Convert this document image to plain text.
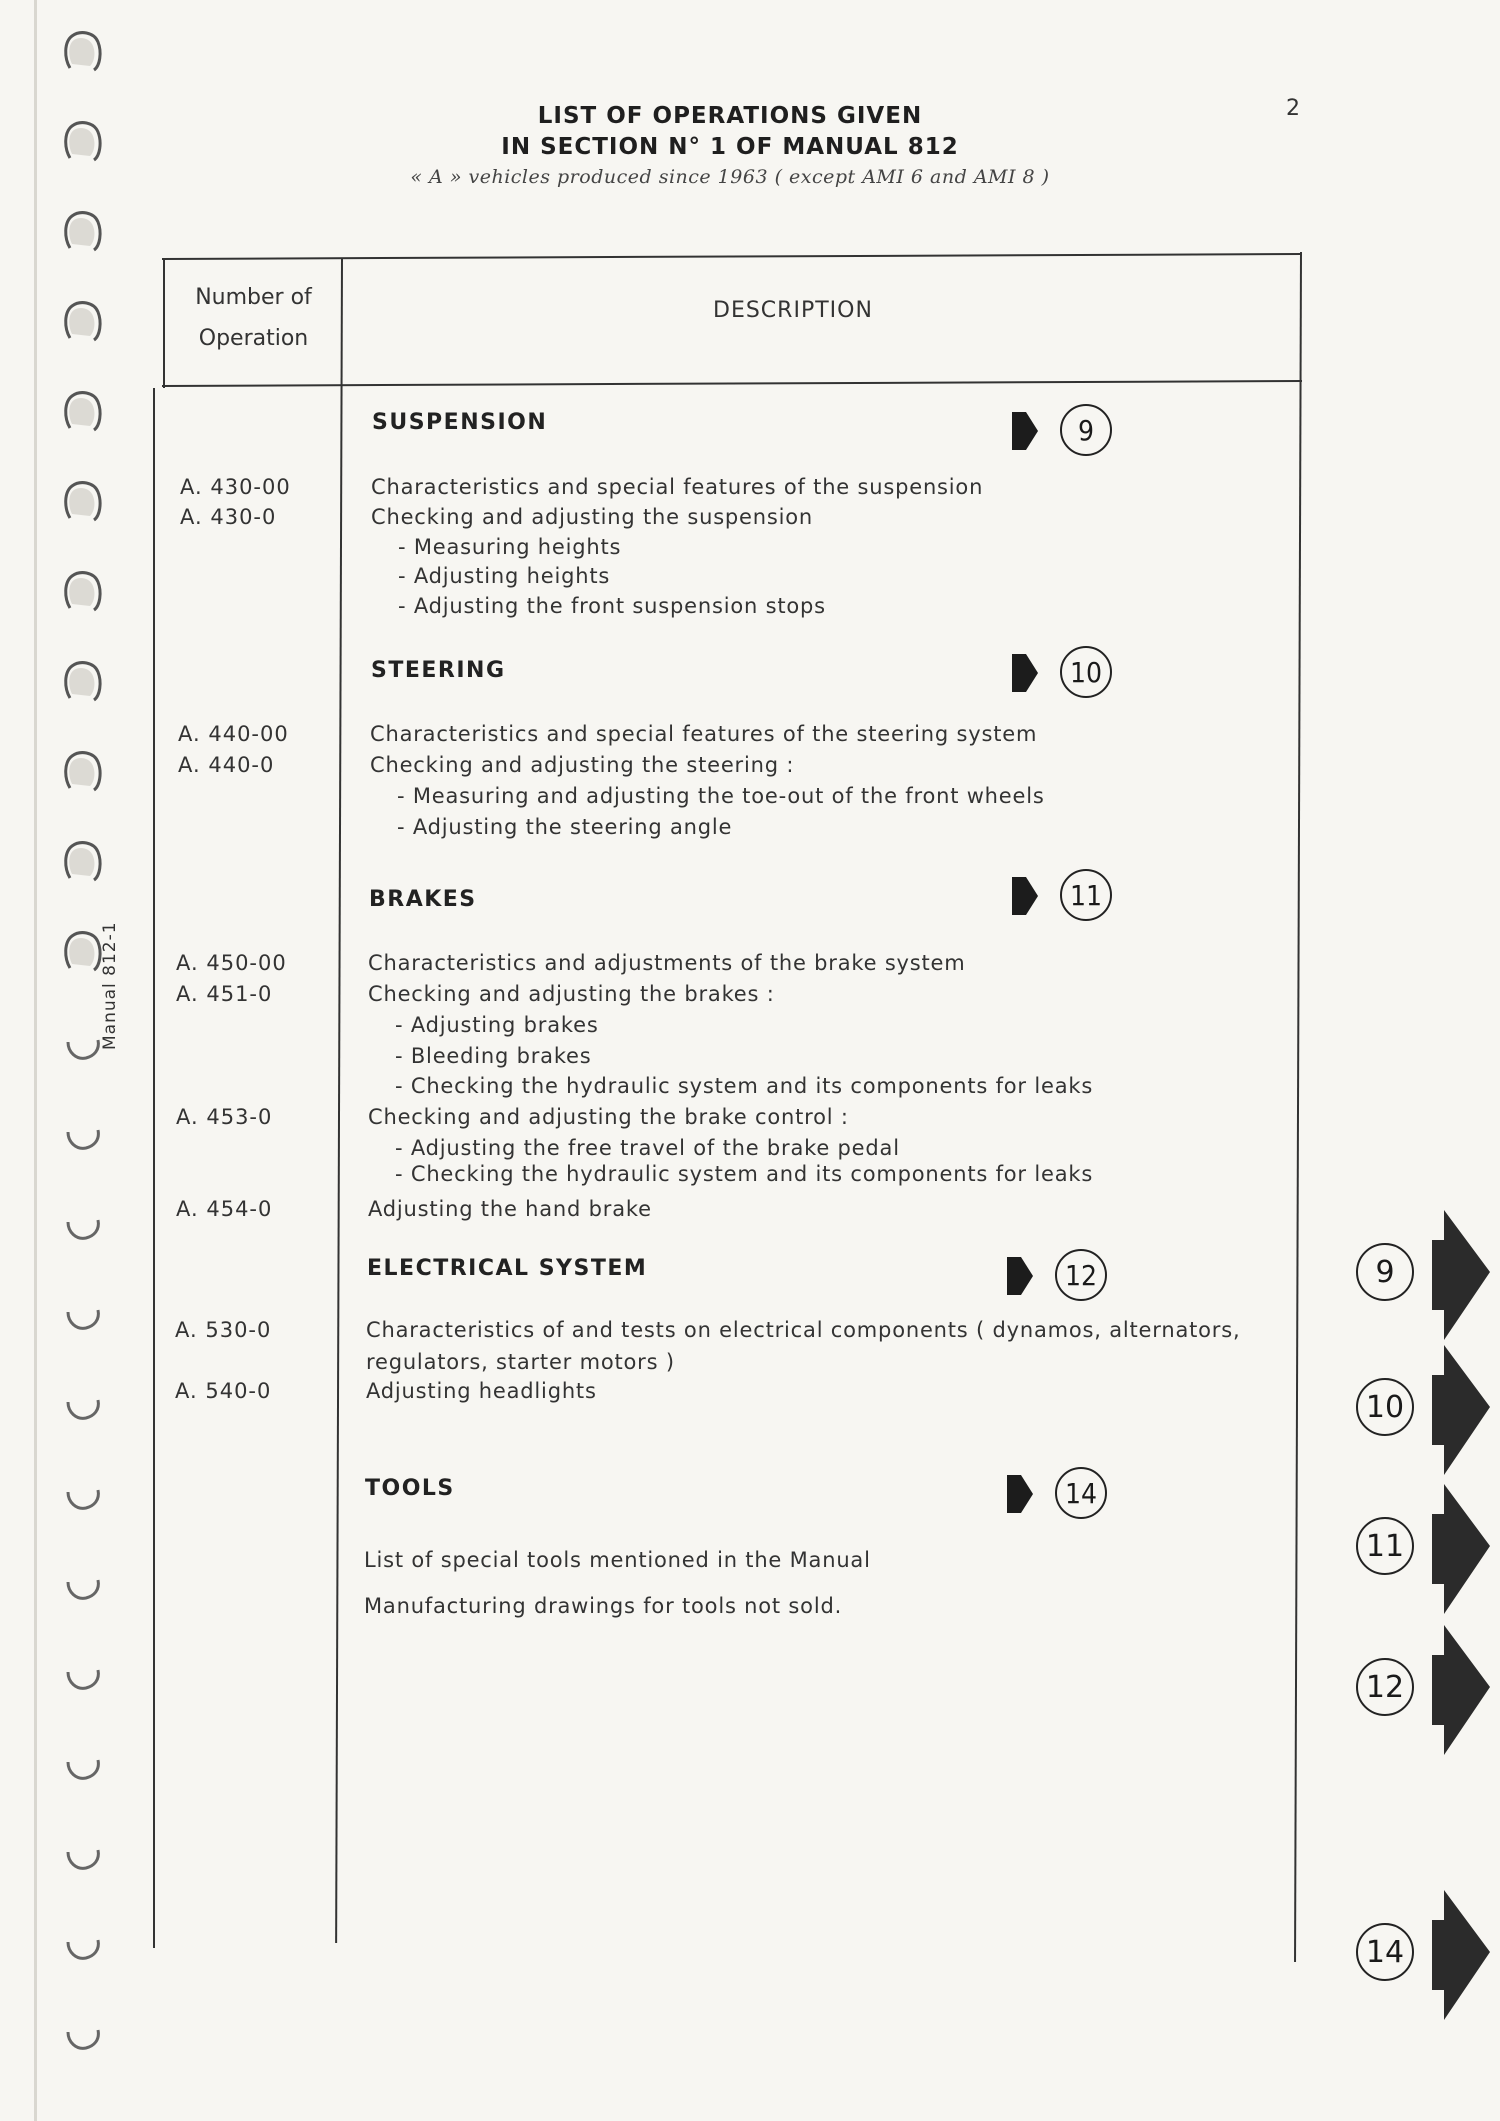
2
LIST OF OPERATIONS GIVEN
IN SECTION N° 1 OF MANUAL 812
« A » vehicles produced since 1963 ( except AMI 6 and AMI 8 )
Manual 812-1
Number of
Operation
DESCRIPTION
SUSPENSION	9
A. 430-00	Characteristics and special features of the suspension
A. 430-0	Checking and adjusting the suspension
- Measuring heights
- Adjusting heights
- Adjusting the front suspension stops
STEERING	10
A. 440-00	Characteristics and special features of the steering system
A. 440-0	Checking and adjusting the steering :
- Measuring and adjusting the toe-out of the front wheels
- Adjusting the steering angle
BRAKES	11
A. 450-00	Characteristics and adjustments of the brake system
A. 451-0	Checking and adjusting the brakes :
- Adjusting brakes
- Bleeding brakes
- Checking the hydraulic system and its components for leaks
A. 453-0	Checking and adjusting the brake control :
- Adjusting the free travel of the brake pedal
- Checking the hydraulic system and its components for leaks
A. 454-0	Adjusting the hand brake
ELECTRICAL SYSTEM	12
A. 530-0	Characteristics of and tests on electrical components ( dynamos, alternators,
regulators, starter motors )
A. 540-0	Adjusting headlights
TOOLS	14
List of special tools mentioned in the Manual
Manufacturing drawings for tools not sold.
9
10
11
12
14
